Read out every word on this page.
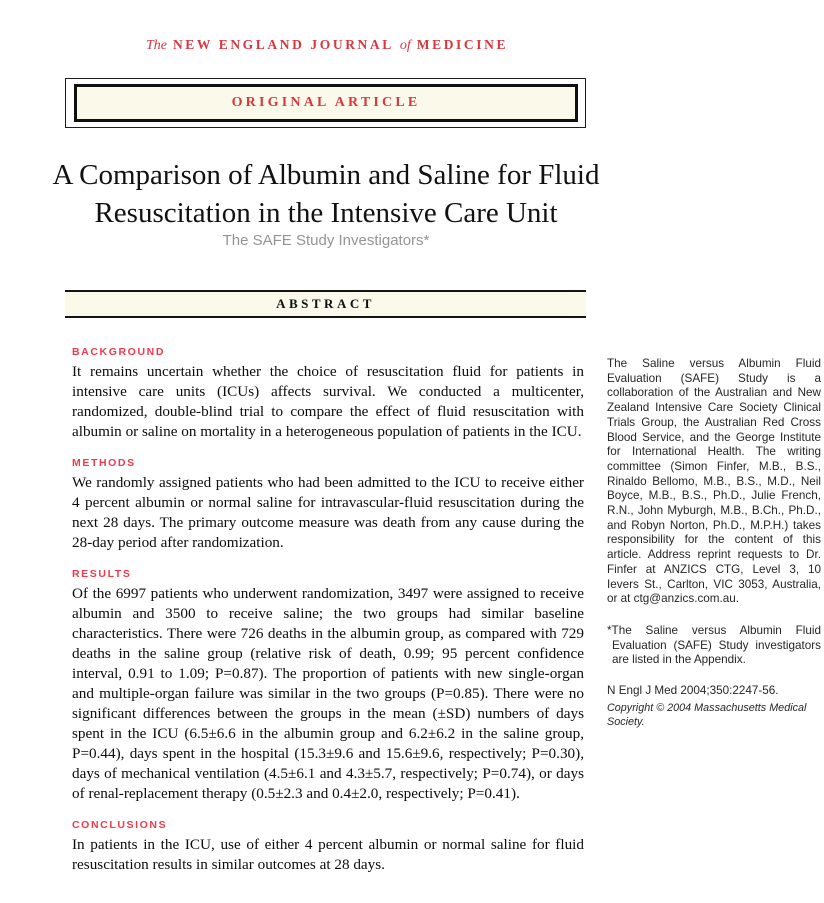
The NEW ENGLAND JOURNAL of MEDICINE
ORIGINAL ARTICLE
A Comparison of Albumin and Saline for Fluid
Resuscitation in the Intensive Care Unit
The SAFE Study Investigators*
ABSTRACT
BACKGROUND

It remains uncertain whether the choice of resuscitation fluid for patients in intensive care units (ICUs) affects survival. We conducted a multicenter, randomized, double-blind trial to compare the effect of fluid resuscitation with albumin or saline on mortality in a heterogeneous population of patients in the ICU.

METHODS

We randomly assigned patients who had been admitted to the ICU to receive either 4 percent albumin or normal saline for intravascular-fluid resuscitation during the next 28 days. The primary outcome measure was death from any cause during the 28-day period after randomization.

RESULTS

Of the 6997 patients who underwent randomization, 3497 were assigned to receive albumin and 3500 to receive saline; the two groups had similar baseline characteristics. There were 726 deaths in the albumin group, as compared with 729 deaths in the saline group (relative risk of death, 0.99; 95 percent confidence interval, 0.91 to 1.09; P=0.87). The proportion of patients with new single-organ and multiple-organ failure was similar in the two groups (P=0.85). There were no significant differences between the groups in the mean (±SD) numbers of days spent in the ICU (6.5±6.6 in the albumin group and 6.2±6.2 in the saline group, P=0.44), days spent in the hospital (15.3±9.6 and 15.6±9.6, respectively; P=0.30), days of mechanical ventilation (4.5±6.1 and 4.3±5.7, respectively; P=0.74), or days of renal-replacement therapy (0.5±2.3 and 0.4±2.0, respectively; P=0.41).

CONCLUSIONS

In patients in the ICU, use of either 4 percent albumin or normal saline for fluid resuscitation results in similar outcomes at 28 days.

The Saline versus Albumin Fluid Evaluation (SAFE) Study is a collaboration of the Australian and New Zealand Intensive Care Society Clinical Trials Group, the Australian Red Cross Blood Service, and the George Institute for International Health. The writing committee (Simon Finfer, M.B., B.S., Rinaldo Bellomo, M.B., B.S., M.D., Neil Boyce, M.B., B.S., Ph.D., Julie French, R.N., John Myburgh, M.B., B.Ch., Ph.D., and Robyn Norton, Ph.D., M.P.H.) takes responsibility for the content of this article. Address reprint requests to Dr. Finfer at ANZICS CTG, Level 3, 10 Ievers St., Carlton, VIC 3053, Australia, or at ctg@anzics.com.au.

*The Saline versus Albumin Fluid Evaluation (SAFE) Study investigators are listed in the Appendix.

N Engl J Med 2004;350:2247-56.

Copyright © 2004 Massachusetts Medical Society.
